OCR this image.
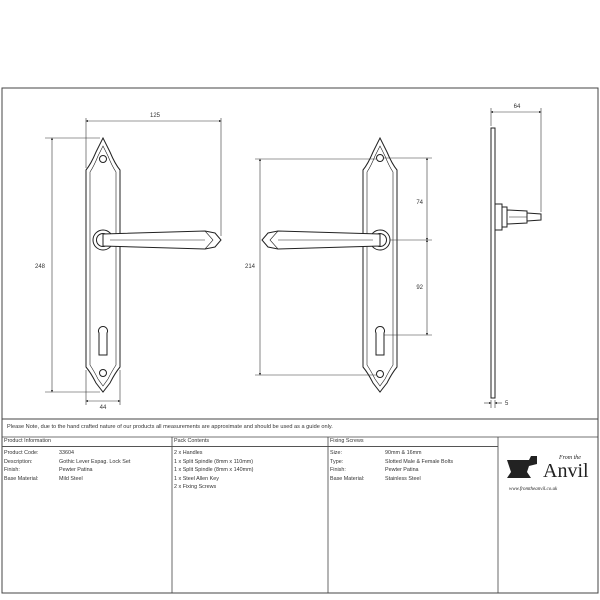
125
248
44
214
74
92
64
5
Please Note, due to the hand crafted nature of our products all measurements are approximate and should be used as a guide only.
Product Information
Product Code:	33604
Description:	Gothic Lever Espag. Lock Set
Finish:	Pewter Patina
Base Material:	Mild Steel
Pack Contents
2 x Handles
1 x Split Spindle (8mm x 110mm)
1 x Split Spindle (8mm x 140mm)
1 x Steel Allen Key
2 x Fixing Screws
Fixing Screws
Size:	90mm & 16mm
Type:	Slotted Male & Female Bolts
Finish:	Pewter Patina
Base Material:	Stainless Steel
From the
Anvil
www.fromtheanvil.co.uk
